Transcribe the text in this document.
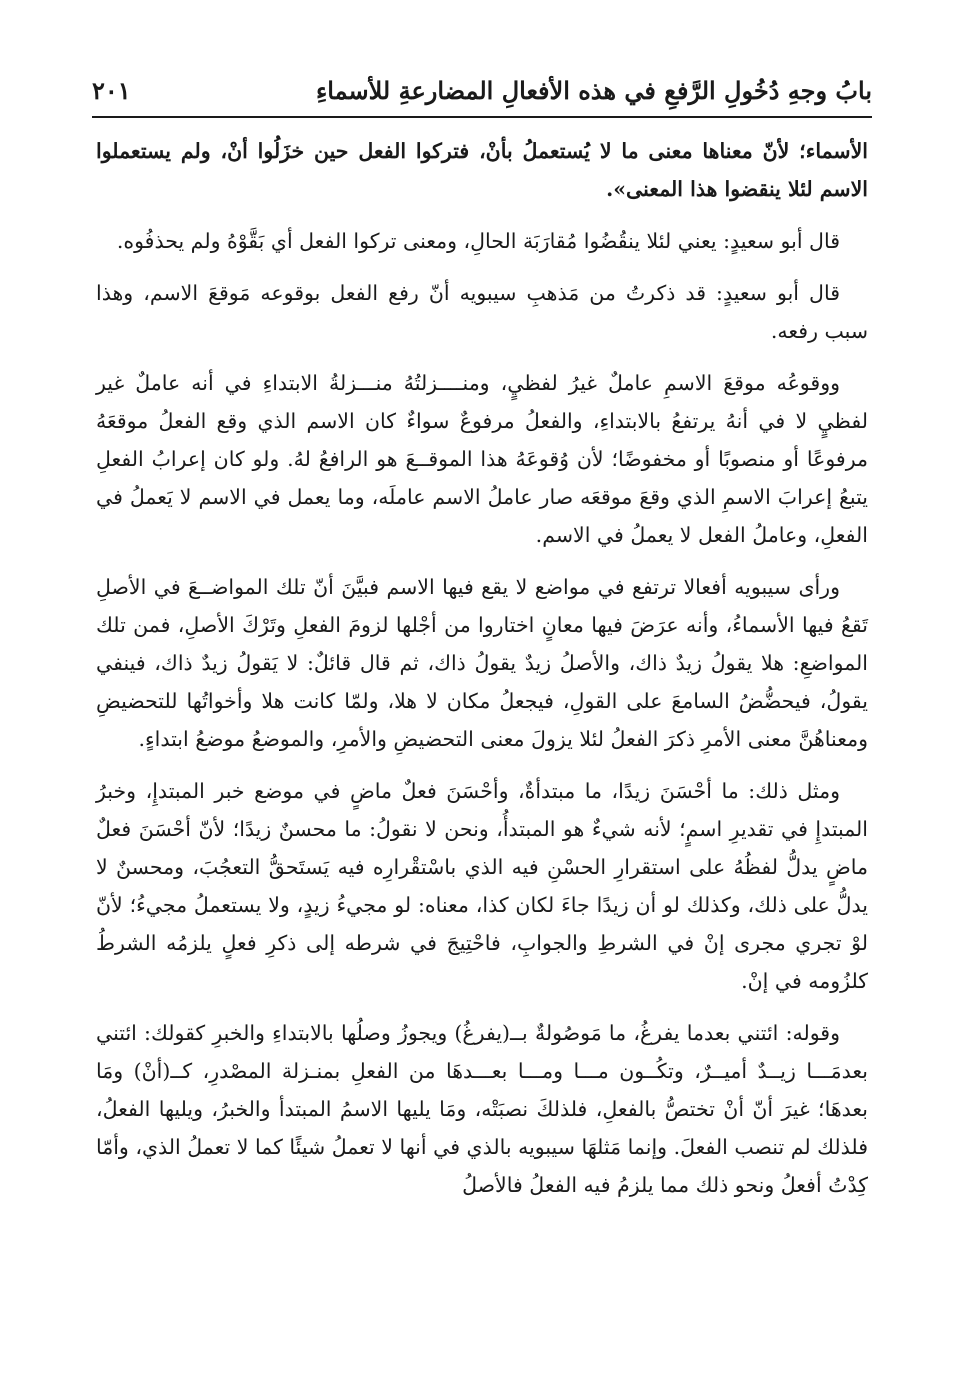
بابُ وجهِ دُخُولِ الرَّفعِ في هذه الأفعالِ المضارعةِ للأسماءِ
٢٠١

الأسماء؛ لأنّ معناها معنى ما لا يُستعملُ بأنْ، فتركوا الفعل حين خزَلُوا أنْ، ولم يستعملوا الاسم لئلا ينقضوا هذا المعنى».

قال أبو سعيدٍ: يعني لئلا ينقُضُوا مُقارَبَة الحالِ، ومعنى تركوا الفعل أي بَقَّوْهُ ولم يحذفُوه.

قال أبو سعيدٍ: قد ذكرتُ من مَذهبِ سيبويه أنّ رفع الفعل بوقوعه مَوقعَ الاسم، وهذا سبب رفعه.

ووقوعُه موقعَ الاسمِ عاملٌ غيرُ لفظيٍ، ومنــــزلتُهُ منـــزلةُ الابتداءِ في أنه عاملٌ غير لفظيٍ لا في أنهُ يرتفعُ بالابتداءِ، والفعلُ مرفوعٌ سواءٌ كان الاسم الذي وقع الفعلُ موقعَهُ مرفوعًا أو منصوبًا أو مخفوضًا؛ لأن وُقوعَهُ هذا الموقــعَ هو الرافعُ لهُ. ولو كان إعرابُ الفعلِ يتبعُ إعرابَ الاسمِ الذي وقعَ موقعَه صار عاملُ الاسم عاملَه، وما يعمل في الاسم لا يَعملُ في الفعلِ، وعاملُ الفعل لا يعملُ في الاسم.

ورأى سيبويه أفعالا ترتفع في مواضع لا يقع فيها الاسم فبيَّنَ أنّ تلك المواضــعَ في الأصلِ تَقعُ فيها الأسماءُ، وأنه عرَضَ فيها معانٍ اختاروا من أجْلها لزومَ الفعلِ وتَرْكَ الأصلِ، فمن تلك المواضعِ: هلا يقولُ زيدٌ ذاك، والأصلُ زيدٌ يقولُ ذاك، ثم قال قائلٌ: لا يَقولُ زيدٌ ذاك، فينفي يقولُ، فيحضُّضُ السامعَ على القولِ، فيجعلُ مكان لا هلا، ولمّا كانت هلا وأخواتُها للتحضيضِ ومعناهُنَّ معنى الأمرِ ذكرَ الفعلُ لئلا يزولَ معنى التحضيضِ والأمرِ، والموضعُ موضعُ ابتداءٍ.

ومثل ذلك: ما أحْسَنَ زيدًا، ما مبتدأةٌ، وأحْسَنَ فعلٌ ماضٍ في موضع خبر المبتدإِ، وخبرُ المبتدإِ في تقديرِ اسمٍ؛ لأنه شيءٌ هو المبتدأُ، ونحن لا نقولُ: ما محسنٌ زيدًا؛ لأنّ أحْسَنَ فعلٌ ماضٍ يدلُّ لفظُهُ على استقرارِ الحسْنِ فيه الذي باسْتقْرارِه فيه يَستَحقُّ التعجُبَ، ومحسنٌ لا يدلُّ على ذلك، وكذلك لو أن زيدًا جاءَ لكان كذا، معناه: لو مجيءُ زيدٍ، ولا يستعملُ مجيءُ؛ لأنّ لوْ تجري مجرى إنْ في الشرطِ والجوابِ، فاحْتِيجَ في شرطه إلى ذكرِ فعلٍ يلزمُه الشرطُ كلزُومه في إنْ.

وقوله: ائتني بعدما يفرغُ، ما مَوصُولةٌ بــ(يفرغُ) ويجوزُ وصلُها بالابتداءِ والخبرِ كقولك: ائتني بعدمَـــا زيــدٌ أميــرٌ، وتكُــون مـــا ومـــا بعـــدهَا من الفعلِ بمنـزلة المصْدرِ، كــ(أنْ) ومَا بعدهَا؛ غيرَ أنّ أنْ تختصُّ بالفعلِ، فلذلكَ نصبَتْه، ومَا يليها الاسمُ المبتدأ والخبرُ، ويليها الفعلُ، فلذلك لم تنصب الفعلَ. وإنما مَثلهَا سيبويه بالذي في أنها لا تعملُ شيئًا كما لا تعملُ الذي، وأمّا كِدْتُ أفعلُ ونحو ذلك مما يلزمُ فيه الفعلُ فالأصلُ
